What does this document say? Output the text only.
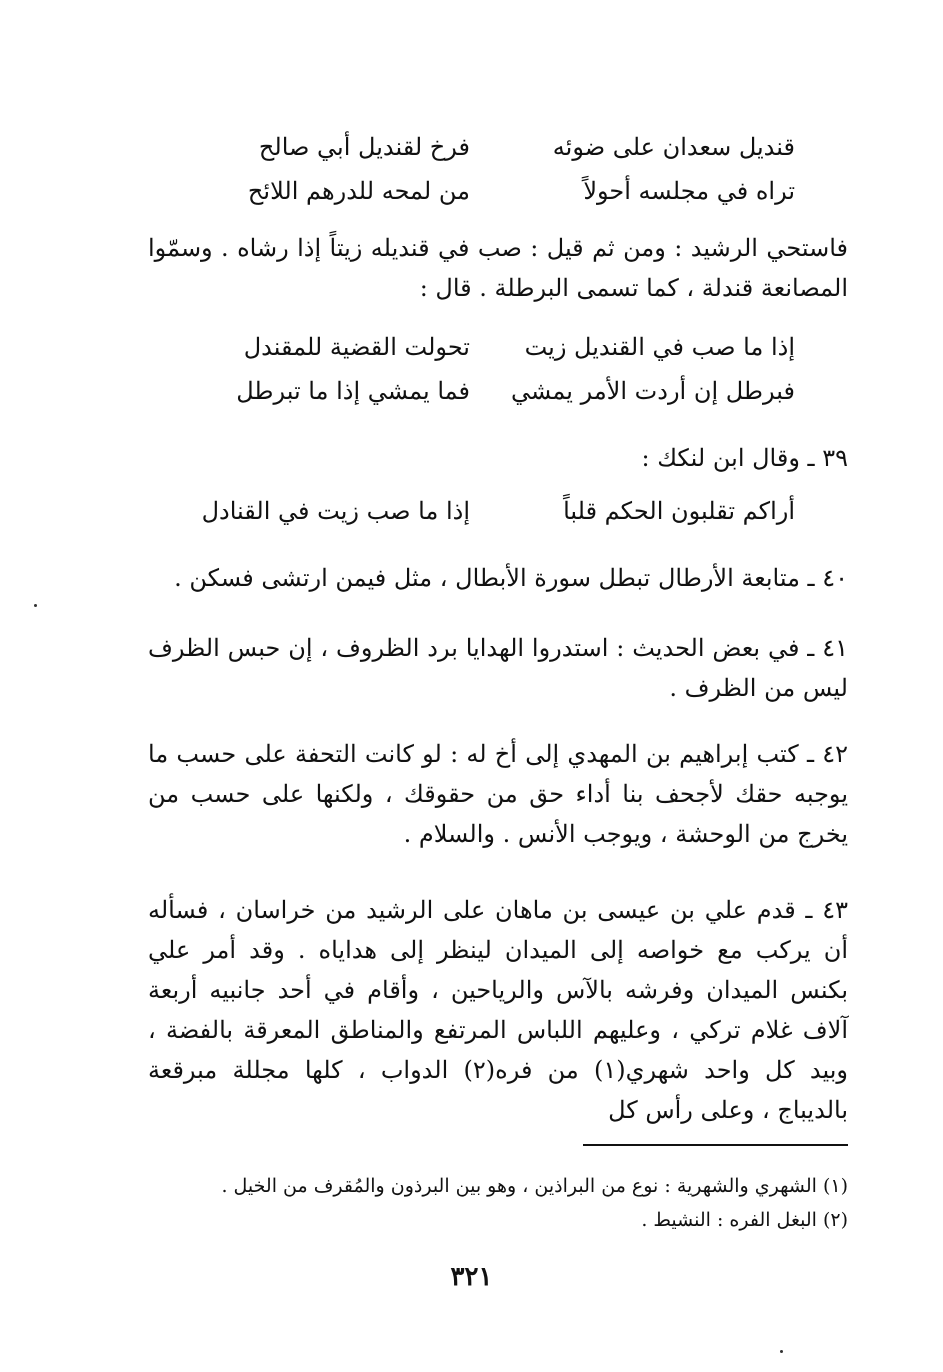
قنديل سعدان على ضوئه
فرخ لقنديل أبي صالح
تراه في مجلسه أحولاً
من لمحه للدرهم اللائح
فاستحي الرشيد : ومن ثم قيل : صب في قنديله زيتاً إذا رشاه . وسمّوا المصانعة قندلة ، كما تسمى البرطلة . قال :
إذا ما صب في القنديل زيت
تحولت القضية للمقندل
فبرطل إن أردت الأمر يمشي
فما يمشي إذا ما تبرطل
٣٩ ـ وقال ابن لنكك :
أراكم تقلبون الحكم قلباً
إذا ما صب زيت في القنادل
٤٠ ـ متابعة الأرطال تبطل سورة الأبطال ، مثل فيمن ارتشى فسكن .
٤١ ـ في بعض الحديث : استدروا الهدايا برد الظروف ، إن حبس الظرف ليس من الظرف .
٤٢ ـ كتب إبراهيم بن المهدي إلى أخ له : لو كانت التحفة على حسب ما يوجبه حقك لأجحف بنا أداء حق من حقوقك ، ولكنها على حسب من يخرج من الوحشة ، ويوجب الأنس . والسلام .
٤٣ ـ قدم علي بن عيسى بن ماهان على الرشيد من خراسان ، فسأله أن يركب مع خواصه إلى الميدان لينظر إلى هداياه . وقد أمر علي بكنس الميدان وفرشه بالآس والرياحين ، وأقام في أحد جانبيه أربعة آلاف غلام تركي ، وعليهم اللباس المرتفع والمناطق المعرقة بالفضة ، وبيد كل واحد شهري(١) من فره(٢) الدواب ، كلها مجللة مبرقعة بالديباج ، وعلى رأس كل
(١) الشهري والشهرية : نوع من البراذين ، وهو بين البرذون والمُقرف من الخيل .
(٢) البغل الفره : النشيط .
٣٢١
